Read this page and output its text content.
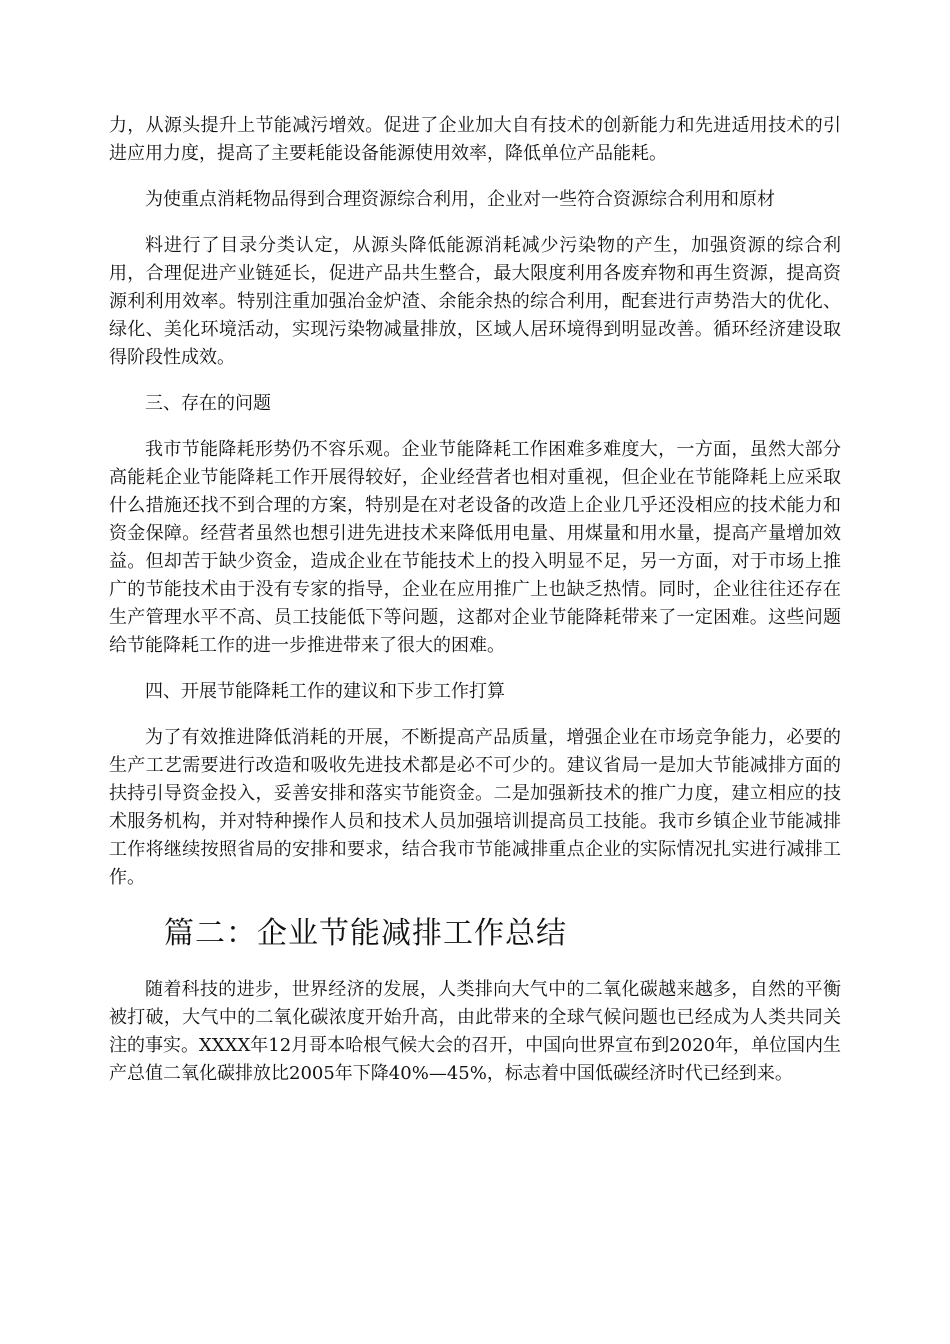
力，从源头提升上节能减污增效。促进了企业加大自有技术的创新能力和先进适用技术的引进应用力度，提高了主要耗能设备能源使用效率，降低单位产品能耗。

为使重点消耗物品得到合理资源综合利用，企业对一些符合资源综合利用和原材

料进行了目录分类认定，从源头降低能源消耗减少污染物的产生，加强资源的综合利用，合理促进产业链延长，促进产品共生整合，最大限度利用各废弃物和再生资源，提高资源利利用效率。特别注重加强冶金炉渣、余能余热的综合利用，配套进行声势浩大的优化、绿化、美化环境活动，实现污染物减量排放，区域人居环境得到明显改善。循环经济建设取得阶段性成效。

三、存在的问题

我市节能降耗形势仍不容乐观。企业节能降耗工作困难多难度大，一方面，虽然大部分高能耗企业节能降耗工作开展得较好，企业经营者也相对重视，但企业在节能降耗上应采取什么措施还找不到合理的方案，特别是在对老设备的改造上企业几乎还没相应的技术能力和资金保障。经营者虽然也想引进先进技术来降低用电量、用煤量和用水量，提高产量增加效益。但却苦于缺少资金，造成企业在节能技术上的投入明显不足，另一方面，对于市场上推广的节能技术由于没有专家的指导，企业在应用推广上也缺乏热情。同时，企业往往还存在生产管理水平不高、员工技能低下等问题，这都对企业节能降耗带来了一定困难。这些问题给节能降耗工作的进一步推进带来了很大的困难。

四、开展节能降耗工作的建议和下步工作打算

为了有效推进降低消耗的开展，不断提高产品质量，增强企业在市场竞争能力，必要的生产工艺需要进行改造和吸收先进技术都是必不可少的。建议省局一是加大节能减排方面的扶持引导资金投入，妥善安排和落实节能资金。二是加强新技术的推广力度，建立相应的技术服务机构，并对特种操作人员和技术人员加强培训提高员工技能。我市乡镇企业节能减排工作将继续按照省局的安排和要求，结合我市节能减排重点企业的实际情况扎实进行减排工作。

篇二：企业节能减排工作总结

随着科技的进步，世界经济的发展，人类排向大气中的二氧化碳越来越多，自然的平衡被打破，大气中的二氧化碳浓度开始升高，由此带来的全球气候问题也已经成为人类共同关注的事实。XXXX年12月哥本哈根气候大会的召开，中国向世界宣布到2020年，单位国内生产总值二氧化碳排放比2005年下降40%—45%，标志着中国低碳经济时代已经到来。
